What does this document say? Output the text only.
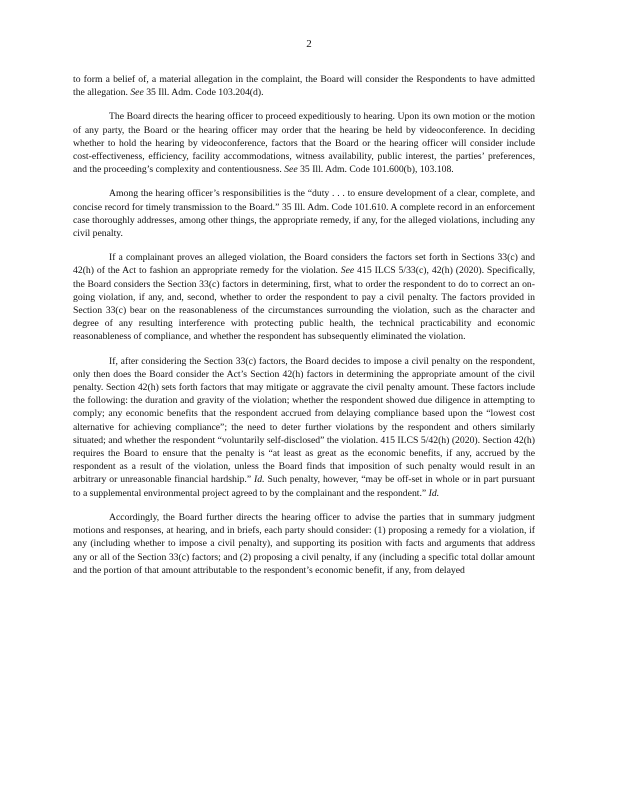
2

to form a belief of, a material allegation in the complaint, the Board will consider the Respondents to have admitted the allegation. See 35 Ill. Adm. Code 103.204(d).

The Board directs the hearing officer to proceed expeditiously to hearing. Upon its own motion or the motion of any party, the Board or the hearing officer may order that the hearing be held by videoconference. In deciding whether to hold the hearing by videoconference, factors that the Board or the hearing officer will consider include cost-effectiveness, efficiency, facility accommodations, witness availability, public interest, the parties’ preferences, and the proceeding’s complexity and contentiousness. See 35 Ill. Adm. Code 101.600(b), 103.108.

Among the hearing officer’s responsibilities is the “duty . . . to ensure development of a clear, complete, and concise record for timely transmission to the Board.” 35 Ill. Adm. Code 101.610. A complete record in an enforcement case thoroughly addresses, among other things, the appropriate remedy, if any, for the alleged violations, including any civil penalty.

If a complainant proves an alleged violation, the Board considers the factors set forth in Sections 33(c) and 42(h) of the Act to fashion an appropriate remedy for the violation. See 415 ILCS 5/33(c), 42(h) (2020). Specifically, the Board considers the Section 33(c) factors in determining, first, what to order the respondent to do to correct an on-going violation, if any, and, second, whether to order the respondent to pay a civil penalty. The factors provided in Section 33(c) bear on the reasonableness of the circumstances surrounding the violation, such as the character and degree of any resulting interference with protecting public health, the technical practicability and economic reasonableness of compliance, and whether the respondent has subsequently eliminated the violation.

If, after considering the Section 33(c) factors, the Board decides to impose a civil penalty on the respondent, only then does the Board consider the Act’s Section 42(h) factors in determining the appropriate amount of the civil penalty. Section 42(h) sets forth factors that may mitigate or aggravate the civil penalty amount. These factors include the following: the duration and gravity of the violation; whether the respondent showed due diligence in attempting to comply; any economic benefits that the respondent accrued from delaying compliance based upon the “lowest cost alternative for achieving compliance”; the need to deter further violations by the respondent and others similarly situated; and whether the respondent “voluntarily self-disclosed” the violation. 415 ILCS 5/42(h) (2020). Section 42(h) requires the Board to ensure that the penalty is “at least as great as the economic benefits, if any, accrued by the respondent as a result of the violation, unless the Board finds that imposition of such penalty would result in an arbitrary or unreasonable financial hardship.” Id. Such penalty, however, “may be off-set in whole or in part pursuant to a supplemental environmental project agreed to by the complainant and the respondent.” Id.

Accordingly, the Board further directs the hearing officer to advise the parties that in summary judgment motions and responses, at hearing, and in briefs, each party should consider: (1) proposing a remedy for a violation, if any (including whether to impose a civil penalty), and supporting its position with facts and arguments that address any or all of the Section 33(c) factors; and (2) proposing a civil penalty, if any (including a specific total dollar amount and the portion of that amount attributable to the respondent’s economic benefit, if any, from delayed
